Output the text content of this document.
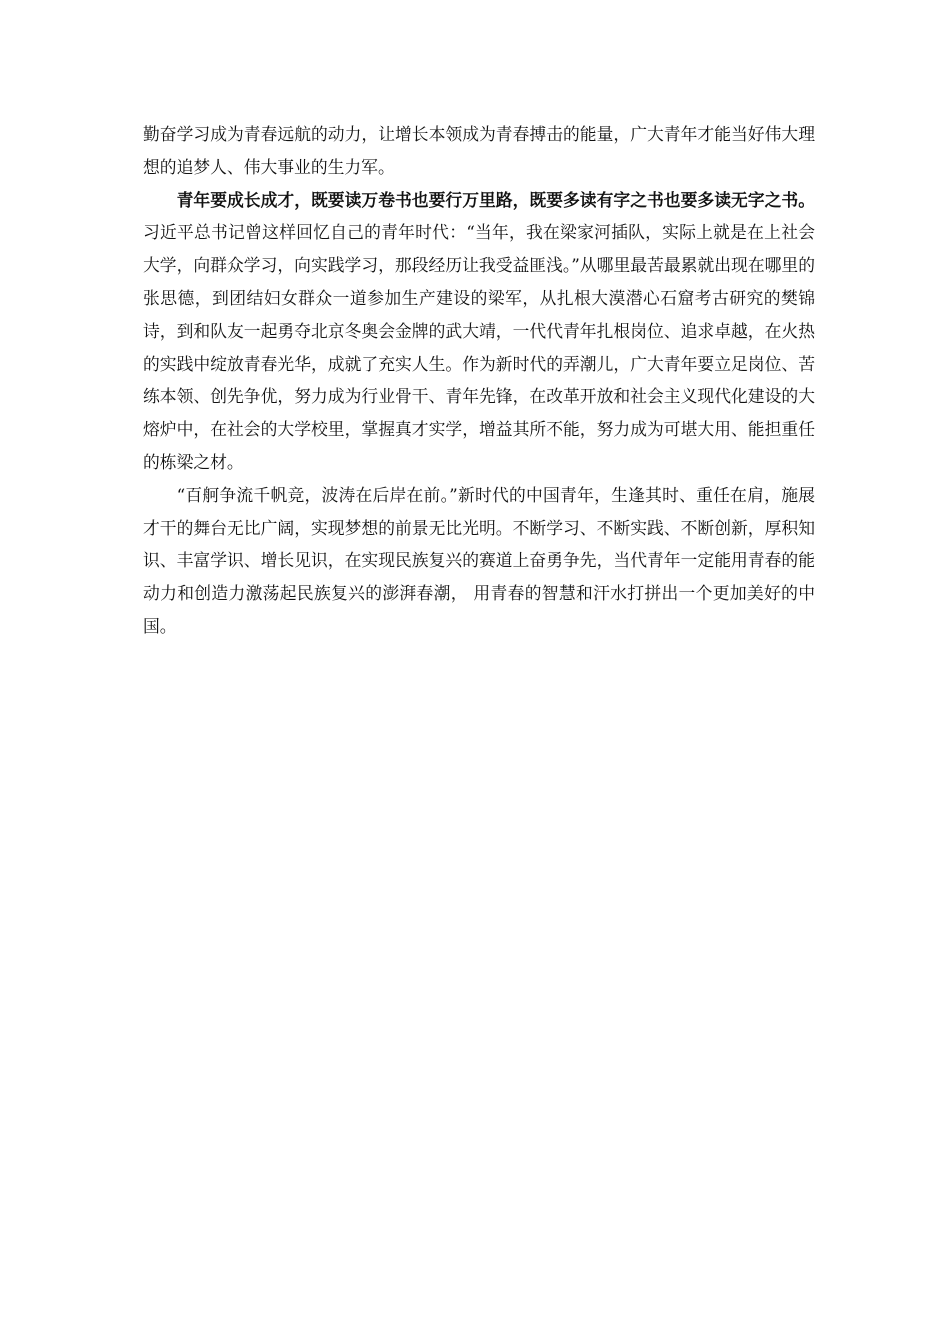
勤奋学习成为青春远航的动力，让增长本领成为青春搏击的能量，广大青年才能当好伟大理想的追梦人、伟大事业的生力军。

青年要成长成才，既要读万卷书也要行万里路，既要多读有字之书也要多读无字之书。习近平总书记曾这样回忆自己的青年时代：“当年，我在梁家河插队，实际上就是在上社会大学，向群众学习，向实践学习，那段经历让我受益匪浅。”从哪里最苦最累就出现在哪里的张思德，到团结妇女群众一道参加生产建设的梁军，从扎根大漠潜心石窟考古研究的樊锦诗，到和队友一起勇夺北京冬奥会金牌的武大靖，一代代青年扎根岗位、追求卓越，在火热的实践中绽放青春光华，成就了充实人生。作为新时代的弄潮儿，广大青年要立足岗位、苦练本领、创先争优，努力成为行业骨干、青年先锋，在改革开放和社会主义现代化建设的大熔炉中，在社会的大学校里，掌握真才实学，增益其所不能，努力成为可堪大用、能担重任的栋梁之材。

“百舸争流千帆竞，波涛在后岸在前。”新时代的中国青年，生逢其时、重任在肩，施展才干的舞台无比广阔，实现梦想的前景无比光明。不断学习、不断实践、不断创新，厚积知识、丰富学识、增长见识，在实现民族复兴的赛道上奋勇争先，当代青年一定能用青春的能动力和创造力激荡起民族复兴的澎湃春潮， 用青春的智慧和汗水打拼出一个更加美好的中国。
